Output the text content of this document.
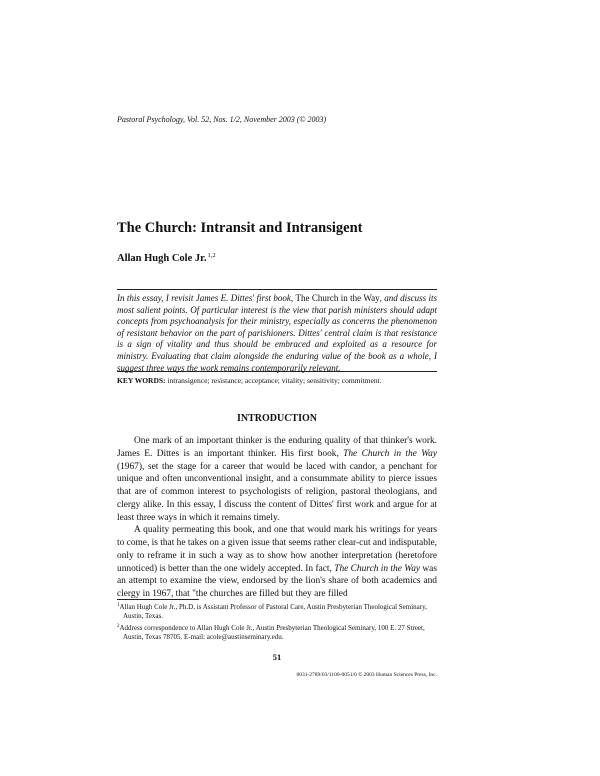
Pastoral Psychology, Vol. 52, Nos. 1/2, November 2003 (© 2003)
The Church: Intransit and Intransigent
Allan Hugh Cole Jr.$^{1,2}$

In this essay, I revisit James E. Dittes' first book, The Church in the Way, and discuss its most salient points. Of particular interest is the view that parish ministers should adapt concepts from psychoanalysis for their ministry, especially as concerns the phenomenon of resistant behavior on the part of parishioners. Dittes' central claim is that resistance is a sign of vitality and thus should be embraced and exploited as a resource for ministry. Evaluating that claim alongside the enduring value of the book as a whole, I suggest three ways the work remains contemporarily relevant.

KEY WORDS: intransigence; resistance; acceptance; vitality; sensitivity; commitment.
INTRODUCTION

One mark of an important thinker is the enduring quality of that thinker's work. James E. Dittes is an important thinker. His first book, The Church in the Way (1967), set the stage for a career that would be laced with candor, a penchant for unique and often unconventional insight, and a consummate ability to pierce issues that are of common interest to psychologists of religion, pastoral theologians, and clergy alike. In this essay, I discuss the content of Dittes' first work and argue for at least three ways in which it remains timely.

A quality permeating this book, and one that would mark his writings for years to come, is that he takes on a given issue that seems rather clear-cut and indisputable, only to reframe it in such a way as to show how another interpretation (heretofore unnoticed) is better than the one widely accepted. In fact, The Church in the Way was an attempt to examine the view, endorsed by the lion's share of both academics and clergy in 1967, that "the churches are filled but they are filled

$^1$Allan Hugh Cole Jr., Ph.D, is Assistant Professor of Pastoral Care, Austin Presbyterian Theological Seminary, Austin, Texas.

$^2$Address correspondence to Allan Hugh Cole Jr., Austin Presbyterian Theological Seminary, 100 E. 27 Street, Austin, Texas 78705. E-mail: acole@austinseminary.edu.

51
0031-2789/03/1100-0051/0 © 2003 Human Sciences Press, Inc.
